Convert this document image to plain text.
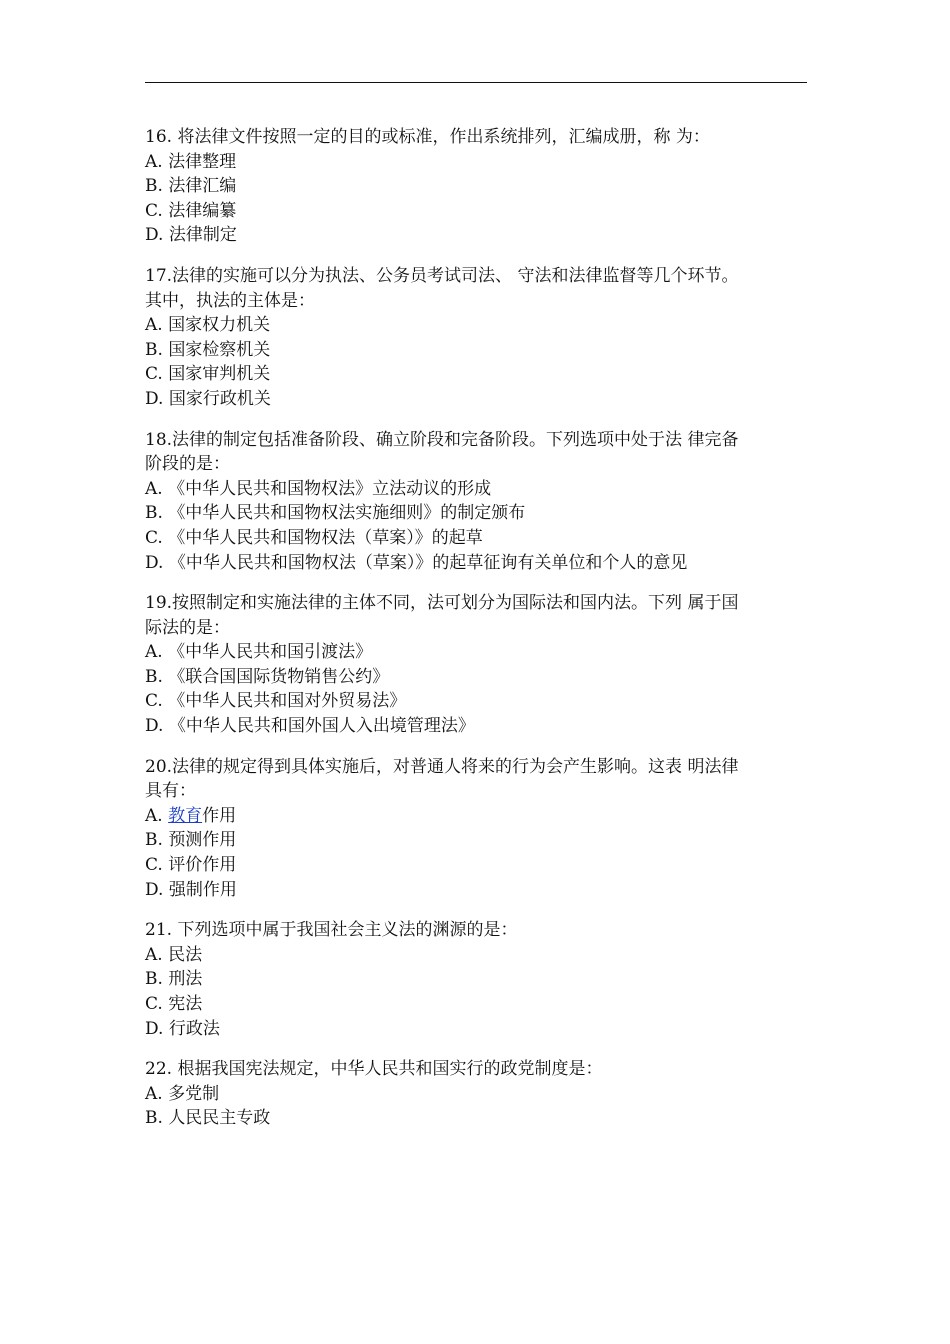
16. 将法律文件按照一定的目的或标准，作出系统排列，汇编成册，称 为：

A. 法律整理

B. 法律汇编

C. 法律编纂

D. 法律制定

17.法律的实施可以分为执法、公务员考试司法、 守法和法律监督等几个环节。

其中，执法的主体是：

A. 国家权力机关

B. 国家检察机关

C. 国家审判机关

D. 国家行政机关

18.法律的制定包括准备阶段、确立阶段和完备阶段。下列选项中处于法 律完备

阶段的是：

A. 《中华人民共和国物权法》立法动议的形成

B. 《中华人民共和国物权法实施细则》的制定颁布

C. 《中华人民共和国物权法（草案）》的起草

D. 《中华人民共和国物权法（草案）》的起草征询有关单位和个人的意见

19.按照制定和实施法律的主体不同，法可划分为国际法和国内法。下列 属于国

际法的是：

A. 《中华人民共和国引渡法》

B. 《联合国国际货物销售公约》

C. 《中华人民共和国对外贸易法》

D. 《中华人民共和国外国人入出境管理法》

20.法律的规定得到具体实施后，对普通人将来的行为会产生影响。这表 明法律

具有：

A. 教育作用

B. 预测作用

C. 评价作用

D. 强制作用

21. 下列选项中属于我国社会主义法的渊源的是：

A. 民法

B. 刑法

C. 宪法

D. 行政法

22. 根据我国宪法规定，中华人民共和国实行的政党制度是：

A. 多党制

B. 人民民主专政
